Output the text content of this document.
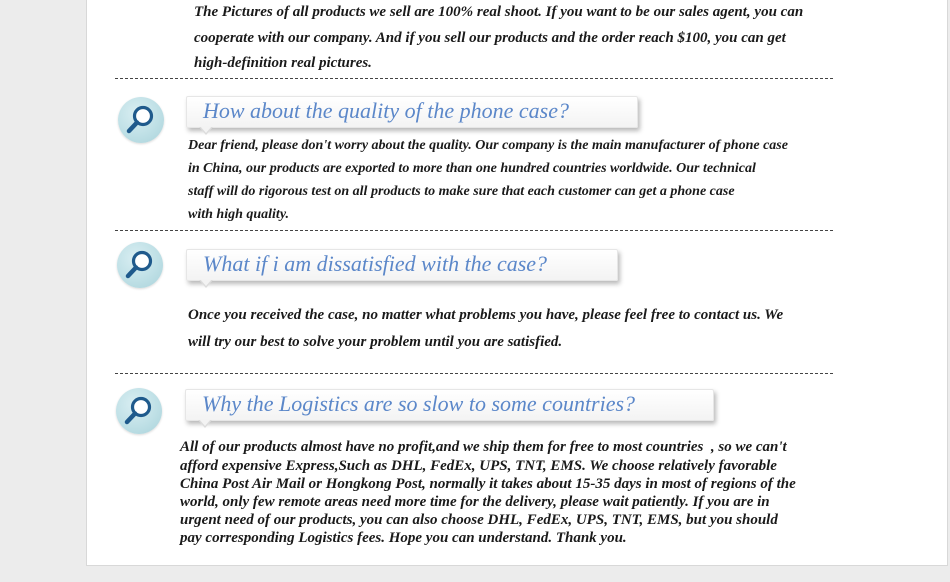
The Pictures of all products we sell are 100% real shoot. If you want to be our sales agent, you can

cooperate with our company. And if you sell our products and the order reach $100, you can get

high-definition real pictures.

How about the quality of the phone case?

Dear friend, please don't worry about the quality. Our company is the main manufacturer of phone case

in China, our products are exported to more than one hundred countries worldwide. Our technical

staff will do rigorous test on all products to make sure that each customer can get a phone case

with high quality.

What if i am dissatisfied with the case?

Once you received the case, no matter what problems you have, please feel free to contact us. We

will try our best to solve your problem until you are satisfied.

Why the Logistics are so slow to some countries?

All of our products almost have no profit,and we ship them for free to most countries  , so we can't

afford expensive Express,Such as DHL, FedEx, UPS, TNT, EMS. We choose relatively favorable

China Post Air Mail or Hongkong Post, normally it takes about 15-35 days in most of regions of the

world, only few remote areas need more time for the delivery, please wait patiently. If you are in

urgent need of our products, you can also choose DHL, FedEx, UPS, TNT, EMS, but you should

pay corresponding Logistics fees. Hope you can understand. Thank you.
